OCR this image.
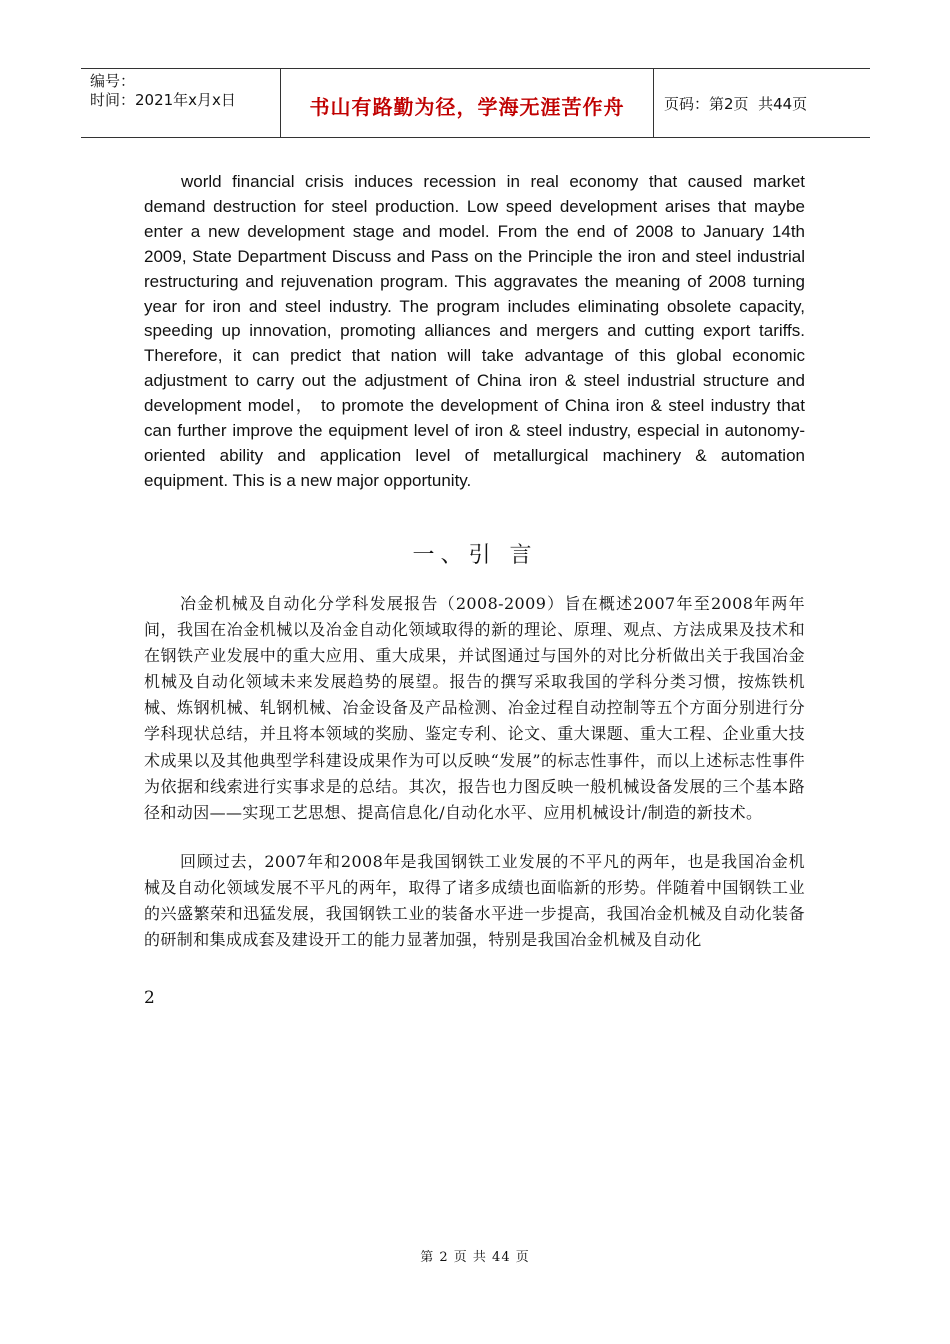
编号：
时间：2021年x月x日	书山有路勤为径，学海无涯苦作舟	页码：第2页  共44页

world financial crisis induces recession in real economy that caused market demand destruction for steel production. Low speed development arises that maybe enter a new development stage and model. From the end of 2008 to January 14th 2009, State Department Discuss and Pass on the Principle the iron and steel industrial restructuring and rejuvenation program. This aggravates the meaning of 2008 turning year for iron and steel industry. The program includes eliminating obsolete capacity, speeding up innovation, promoting alliances and mergers and cutting export tariffs. Therefore, it can predict that nation will take advantage of this global economic adjustment to carry out the adjustment of China iron & steel industrial structure and development model， to promote the development of China iron & steel industry that can further improve the equipment level of iron & steel industry, especial in autonomy-oriented ability and application level of metallurgical machinery & automation equipment. This is a new major opportunity.

一、引 言

冶金机械及自动化分学科发展报告（2008-2009）旨在概述2007年至2008年两年间，我国在冶金机械以及冶金自动化领域取得的新的理论、原理、观点、方法成果及技术和在钢铁产业发展中的重大应用、重大成果，并试图通过与国外的对比分析做出关于我国冶金机械及自动化领域未来发展趋势的展望。报告的撰写采取我国的学科分类习惯，按炼铁机械、炼钢机械、轧钢机械、冶金设备及产品检测、冶金过程自动控制等五个方面分别进行分学科现状总结，并且将本领域的奖励、鉴定专利、论文、重大课题、重大工程、企业重大技术成果以及其他典型学科建设成果作为可以反映“发展”的标志性事件，而以上述标志性事件为依据和线索进行实事求是的总结。其次，报告也力图反映一般机械设备发展的三个基本路径和动因——实现工艺思想、提高信息化/自动化水平、应用机械设计/制造的新技术。

回顾过去，2007年和2008年是我国钢铁工业发展的不平凡的两年，也是我国冶金机械及自动化领域发展不平凡的两年，取得了诸多成绩也面临新的形势。伴随着中国钢铁工业的兴盛繁荣和迅猛发展，我国钢铁工业的装备水平进一步提高，我国冶金机械及自动化装备的研制和集成成套及建设开工的能力显著加强，特别是我国冶金机械及自动化

2
第 2 页 共 44 页
